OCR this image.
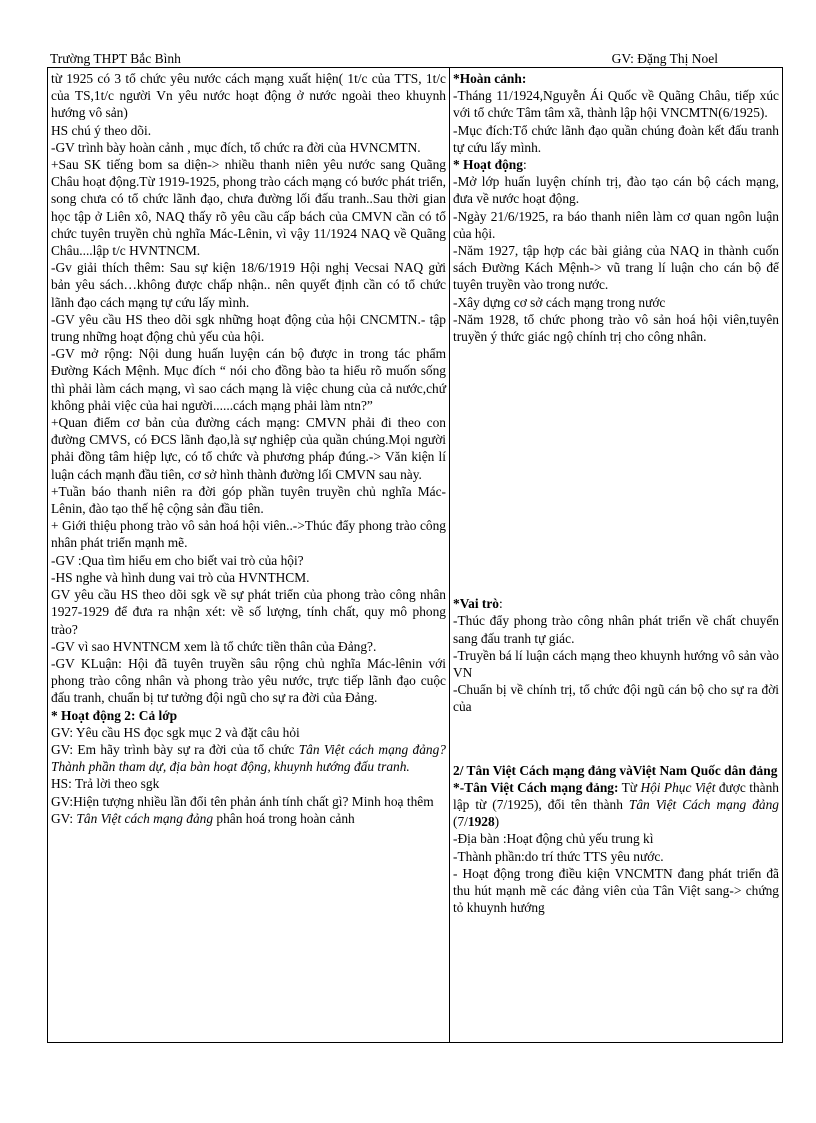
Trường THPT Bắc Bình	GV: Đặng Thị Noel

từ 1925 có 3 tổ chức yêu nước cách mạng xuất hiện( 1t/c của TTS, 1t/c của TS,1t/c người Vn yêu nước hoạt động ở nước ngoài theo khuynh hướng vô sản)

HS chú ý theo dõi.

-GV trình bày hoàn cảnh , mục đích, tổ chức ra đời của HVNCMTN.

+Sau SK tiếng bom sa diện-> nhiều thanh niên yêu nước sang Quãng Châu hoạt động.Từ 1919-1925, phong trào cách mạng có bước phát triển, song chưa có tổ chức lãnh đạo, chưa đường lối đấu tranh..Sau thời gian học tập ở Liên xô, NAQ thấy rõ yêu cầu cấp bách của CMVN cần có tổ chức tuyên truyền chủ nghĩa Mác-Lênin, vì vậy 11/1924 NAQ về Quãng Châu....lập t/c HVNTNCM.

-Gv giải thích thêm: Sau sự kiện 18/6/1919 Hội nghị Vecsai NAQ gửi bản yêu sách…không được chấp nhận.. nên quyết định cần có tổ chức lãnh đạo cách mạng tự cứu lấy mình.

-GV yêu cầu HS theo dõi sgk những hoạt động của hội CNCMTN.- tập trung những hoạt động chủ yếu của hội.

-GV mở rộng: Nội dung huấn luyện cán bộ được in trong tác phẩm Đường Kách Mệnh. Mục đích “ nói cho đồng bào ta hiểu rõ muốn sống thì phải làm cách mạng, vì sao cách mạng là việc chung của cả nước,chứ không phải việc của hai người......cách mạng phải làm ntn?”

+Quan điểm cơ bản của đường cách mạng: CMVN phải đi theo con đường CMVS, có ĐCS lãnh đạo,là sự nghiệp của quần chúng.Mọi người phải đồng tâm hiệp lực, có tổ chức và phương pháp đúng.-> Văn kiện lí luận cách mạnh đầu tiên, cơ sở hình thành đường lối CMVN sau này.

+Tuần báo thanh niên ra đời góp phần tuyên truyền chủ nghĩa Mác-Lênin, đào tạo thế hệ cộng sản đầu tiên.

+ Giới thiệu phong trào vô sản hoá hội viên..->Thúc đẩy phong trào công nhân phát triển mạnh mẽ.

-GV :Qua tìm hiểu em cho biết vai trò của hội?

-HS nghe và hình dung vai trò của HVNTHCM.

GV yêu cầu HS theo dõi sgk về sự phát triển của phong trào công nhân 1927-1929 để đưa ra nhận xét: về số lượng, tính chất, quy mô phong trào?

-GV vì sao HVNTNCM xem là tổ chức tiền thân của Đảng?.

-GV KLuận: Hội đã tuyên truyền sâu rộng chủ nghĩa Mác-lênin với phong trào công nhân và phong trào yêu nước, trực tiếp lãnh đạo cuộc đấu tranh, chuẩn bị tư tưởng đội ngũ cho sự ra đời của Đảng.

* Hoạt động 2: Cả lớp

GV: Yêu cầu HS đọc sgk mục 2 và đặt câu hỏi

GV: Em hãy trình bày sự ra đời của tổ chức Tân Việt cách mạng đảng?Thành phần tham dự, địa bàn hoạt động, khuynh hướng đấu tranh.

HS: Trả lời theo sgk

GV:Hiện tượng nhiều lần đổi tên phản ánh tính chất gì? Minh hoạ thêm

GV: Tân Việt cách mạng đảng phân hoá trong hoàn cảnh

*Hoàn cảnh:

-Tháng 11/1924,Nguyễn Ái Quốc về Quãng Châu, tiếp xúc với tổ chức Tâm tâm xã, thành lập hội VNCMTN(6/1925).

-Mục đích:Tổ chức lãnh đạo quần chúng đoàn kết đấu tranh tự cứu lấy mình.

* Hoạt động:

-Mở lớp huấn luyện chính trị, đào tạo cán bộ cách mạng, đưa về nước hoạt động.

-Ngày 21/6/1925, ra báo thanh niên làm cơ quan ngôn luận của hội.

-Năm 1927, tập hợp các bài giảng của NAQ in thành cuốn sách Đường Kách Mệnh-> vũ trang lí luận cho cán bộ để tuyên truyền vào trong nước.

-Xây dựng cơ sở cách mạng trong nước

-Năm 1928, tổ chức phong trào vô sản hoá hội viên,tuyên truyền ý thức giác ngộ chính trị cho công nhân.

*Vai trò:

-Thúc đẩy phong trào công nhân phát triển về chất chuyển sang đấu tranh tự giác.

-Truyền bá lí luận cách mạng theo khuynh hướng vô sản vào VN

-Chuẩn bị về chính trị, tổ chức đội ngũ cán bộ cho sự ra đời của

2/ Tân Việt Cách mạng đảng vàViệt Nam Quốc dân đảng

*-Tân Việt Cách mạng đảng: Từ Hội Phục Việt được thành lập từ (7/1925), đổi tên thành Tân Việt Cách mạng đảng (7/1928)

-Địa bàn :Hoạt động chủ yếu trung kì

-Thành phần:do trí thức TTS yêu nước.

- Hoạt động trong điều kiện VNCMTN đang phát triển đã thu hút mạnh mẽ các đảng viên của Tân Việt sang-> chứng tỏ khuynh hướng
